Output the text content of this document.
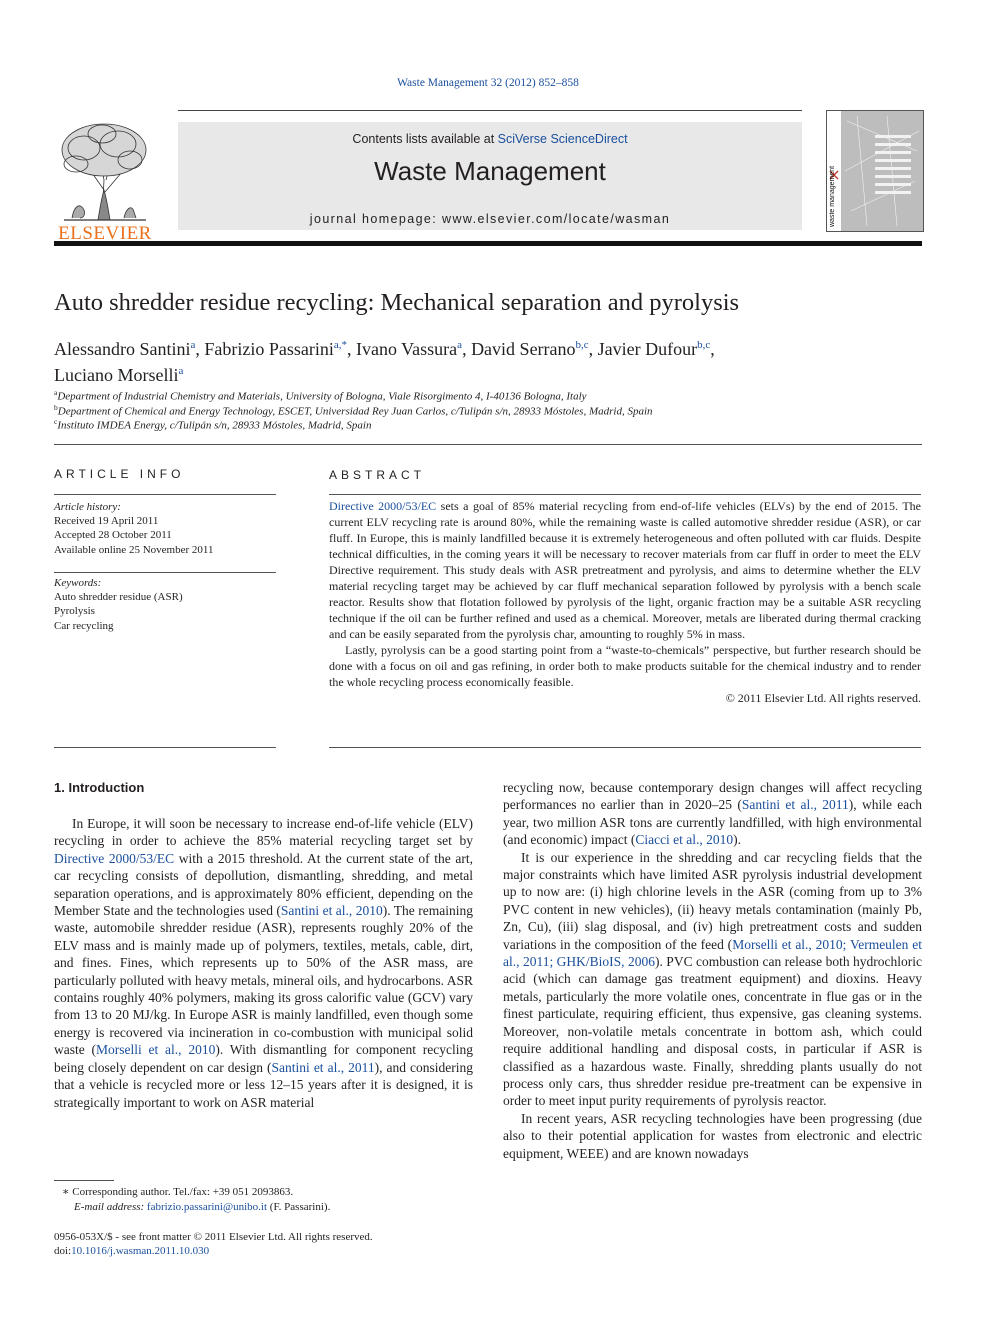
Waste Management 32 (2012) 852–858
ELSEVIER
Contents lists available at SciVerse ScienceDirect
Waste Management
journal homepage: www.elsevier.com/locate/wasman	waste management
Auto shredder residue recycling: Mechanical separation and pyrolysis
Alessandro Santini$^a$, Fabrizio Passarini$^{a,*}$, Ivano Vassura$^a$, David Serrano$^{b,c}$, Javier Dufour$^{b,c}$,
Luciano Morselli$^a$
$^a$Department of Industrial Chemistry and Materials, University of Bologna, Viale Risorgimento 4, I-40136 Bologna, Italy
$^b$Department of Chemical and Energy Technology, ESCET, Universidad Rey Juan Carlos, c/Tulipán s/n, 28933 Móstoles, Madrid, Spain
$^c$Instituto IMDEA Energy, c/Tulipán s/n, 28933 Móstoles, Madrid, Spain
ARTICLE INFO
Article history:
Received 19 April 2011
Accepted 28 October 2011
Available online 25 November 2011
Keywords:
Auto shredder residue (ASR)
Pyrolysis
Car recycling
ABSTRACT

Directive 2000/53/EC sets a goal of 85% material recycling from end-of-life vehicles (ELVs) by the end of 2015. The current ELV recycling rate is around 80%, while the remaining waste is called automotive shredder residue (ASR), or car fluff. In Europe, this is mainly landfilled because it is extremely heterogeneous and often polluted with car fluids. Despite technical difficulties, in the coming years it will be necessary to recover materials from car fluff in order to meet the ELV Directive requirement. This study deals with ASR pretreatment and pyrolysis, and aims to determine whether the ELV material recycling target may be achieved by car fluff mechanical separation followed by pyrolysis with a bench scale reactor. Results show that flotation followed by pyrolysis of the light, organic fraction may be a suitable ASR recycling technique if the oil can be further refined and used as a chemical. Moreover, metals are liberated during thermal cracking and can be easily separated from the pyrolysis char, amounting to roughly 5% in mass.

Lastly, pyrolysis can be a good starting point from a “waste-to-chemicals” perspective, but further research should be done with a focus on oil and gas refining, in order both to make products suitable for the chemical industry and to render the whole recycling process economically feasible.

© 2011 Elsevier Ltd. All rights reserved.
1. Introduction

In Europe, it will soon be necessary to increase end-of-life vehicle (ELV) recycling in order to achieve the 85% material recycling target set by Directive 2000/53/EC with a 2015 threshold. At the current state of the art, car recycling consists of depollution, dismantling, shredding, and metal separation operations, and is approximately 80% efficient, depending on the Member State and the technologies used (Santini et al., 2010). The remaining waste, automobile shredder residue (ASR), represents roughly 20% of the ELV mass and is mainly made up of polymers, textiles, metals, cable, dirt, and fines. Fines, which represents up to 50% of the ASR mass, are particularly polluted with heavy metals, mineral oils, and hydrocarbons. ASR contains roughly 40% polymers, making its gross calorific value (GCV) vary from 13 to 20 MJ/kg. In Europe ASR is mainly landfilled, even though some energy is recovered via incineration in co-combustion with municipal solid waste (Morselli et al., 2010). With dismantling for component recycling being closely dependent on car design (Santini et al., 2011), and considering that a vehicle is recycled more or less 12–15 years after it is designed, it is strategically important to work on ASR material

recycling now, because contemporary design changes will affect recycling performances no earlier than in 2020–25 (Santini et al., 2011), while each year, two million ASR tons are currently landfilled, with high environmental (and economic) impact (Ciacci et al., 2010).

It is our experience in the shredding and car recycling fields that the major constraints which have limited ASR pyrolysis industrial development up to now are: (i) high chlorine levels in the ASR (coming from up to 3% PVC content in new vehicles), (ii) heavy metals contamination (mainly Pb, Zn, Cu), (iii) slag disposal, and (iv) high pretreatment costs and sudden variations in the composition of the feed (Morselli et al., 2010; Vermeulen et al., 2011; GHK/BioIS, 2006). PVC combustion can release both hydrochloric acid (which can damage gas treatment equipment) and dioxins. Heavy metals, particularly the more volatile ones, concentrate in flue gas or in the finest particulate, requiring efficient, thus expensive, gas cleaning systems. Moreover, non-volatile metals concentrate in bottom ash, which could require additional handling and disposal costs, in particular if ASR is classified as a hazardous waste. Finally, shredding plants usually do not process only cars, thus shredder residue pre-treatment can be expensive in order to meet input purity requirements of pyrolysis reactor.

In recent years, ASR recycling technologies have been progressing (due also to their potential application for wastes from electronic and electric equipment, WEEE) and are known nowadays

∗ Corresponding author. Tel./fax: +39 051 2093863.
E-mail address: fabrizio.passarini@unibo.it (F. Passarini).
0956-053X/$ - see front matter © 2011 Elsevier Ltd. All rights reserved.
doi:10.1016/j.wasman.2011.10.030
